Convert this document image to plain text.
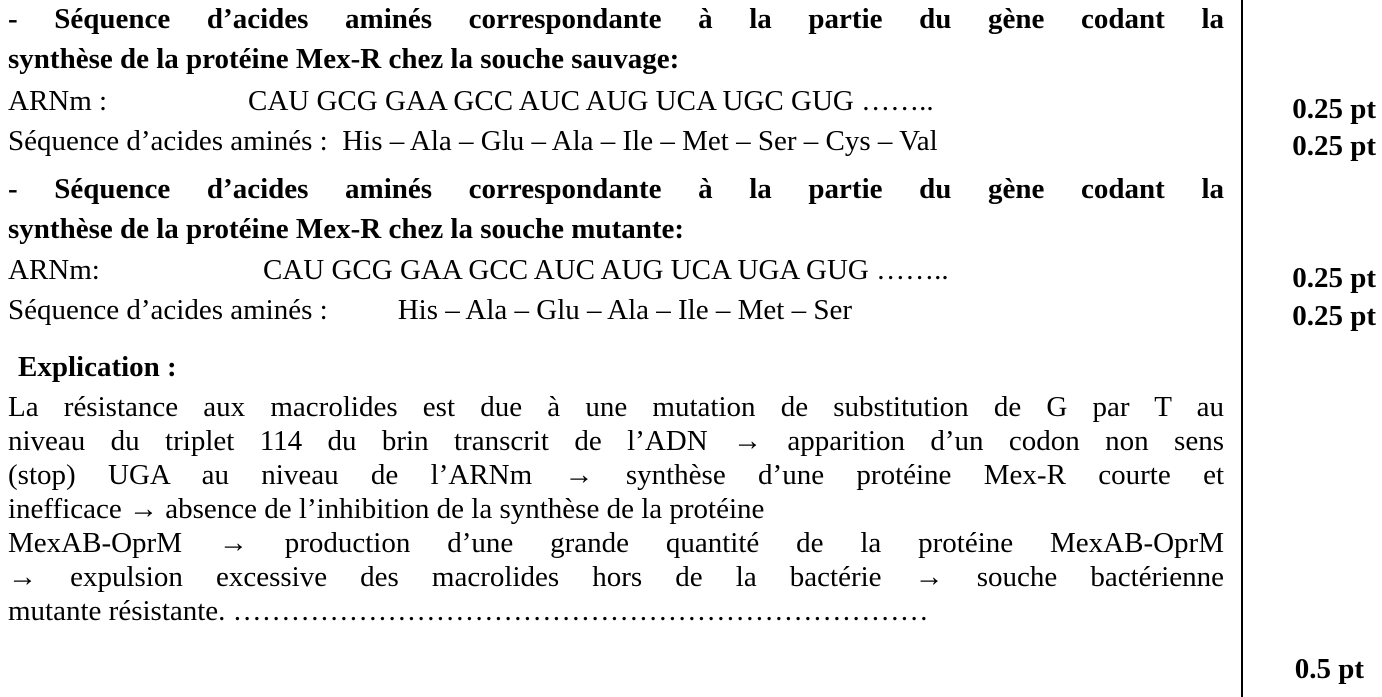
- Séquence d’acides aminés correspondante à la partie du gène codant la
synthèse de la protéine Mex-R chez la souche sauvage:
ARNm :	CAU GCG GAA GCC AUC AUG UCA UGC GUG ……..	0.25 pt
Séquence d’acides aminés : His – Ala – Glu – Ala – Ile – Met – Ser – Cys – Val	0.25 pt
- Séquence d’acides aminés correspondante à la partie du gène codant la
synthèse de la protéine Mex-R chez la souche mutante:
ARNm:	CAU GCG GAA GCC AUC AUG UCA UGA GUG ……..	0.25 pt
Séquence d’acides aminés : His – Ala – Glu – Ala – Ile – Met – Ser	0.25 pt
Explication :
La résistance aux macrolides est due à une mutation de substitution de G par T au
niveau du triplet 114 du brin transcrit de l’ADN → apparition d’un codon non sens
(stop) UGA au niveau de l’ARNm → synthèse d’une protéine Mex-R courte et
inefficace → absence de l’inhibition de la synthèse de la protéine
MexAB-OprM → production d’une grande quantité de la protéine MexAB-OprM
→ expulsion excessive des macrolides hors de la bactérie → souche bactérienne
mutante résistante. ………………………………………………………………
0.5 pt
